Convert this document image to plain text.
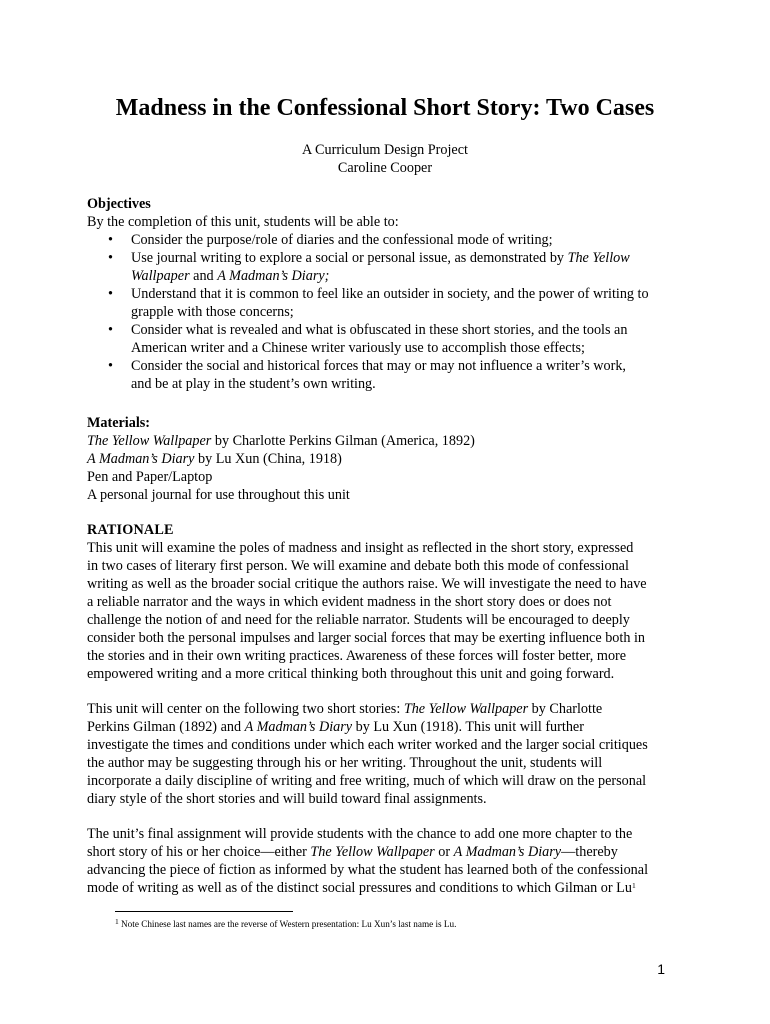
Madness in the Confessional Short Story: Two Cases
A Curriculum Design Project
Caroline Cooper
Objectives
By the completion of this unit, students will be able to:
• Consider the purpose/role of diaries and the confessional mode of writing;
• Use journal writing to explore a social or personal issue, as demonstrated by The Yellow
Wallpaper and A Madman’s Diary;
• Understand that it is common to feel like an outsider in society, and the power of writing to
grapple with those concerns;
• Consider what is revealed and what is obfuscated in these short stories, and the tools an
American writer and a Chinese writer variously use to accomplish those effects;
• Consider the social and historical forces that may or may not influence a writer’s work,
and be at play in the student’s own writing.
Materials:
The Yellow Wallpaper by Charlotte Perkins Gilman (America, 1892)
A Madman’s Diary by Lu Xun (China, 1918)
Pen and Paper/Laptop
A personal journal for use throughout this unit
RATIONALE
This unit will examine the poles of madness and insight as reflected in the short story, expressed
in two cases of literary first person. We will examine and debate both this mode of confessional
writing as well as the broader social critique the authors raise. We will investigate the need to have
a reliable narrator and the ways in which evident madness in the short story does or does not
challenge the notion of and need for the reliable narrator. Students will be encouraged to deeply
consider both the personal impulses and larger social forces that may be exerting influence both in
the stories and in their own writing practices. Awareness of these forces will foster better, more
empowered writing and a more critical thinking both throughout this unit and going forward.
This unit will center on the following two short stories: The Yellow Wallpaper by Charlotte
Perkins Gilman (1892) and A Madman’s Diary by Lu Xun (1918). This unit will further
investigate the times and conditions under which each writer worked and the larger social critiques
the author may be suggesting through his or her writing. Throughout the unit, students will
incorporate a daily discipline of writing and free writing, much of which will draw on the personal
diary style of the short stories and will build toward final assignments.
The unit’s final assignment will provide students with the chance to add one more chapter to the
short story of his or her choice—either The Yellow Wallpaper or A Madman’s Diary—thereby
advancing the piece of fiction as informed by what the student has learned both of the confessional
mode of writing as well as of the distinct social pressures and conditions to which Gilman or Lu$^1$
$^1$ Note Chinese last names are the reverse of Western presentation: Lu Xun’s last name is Lu.
1
